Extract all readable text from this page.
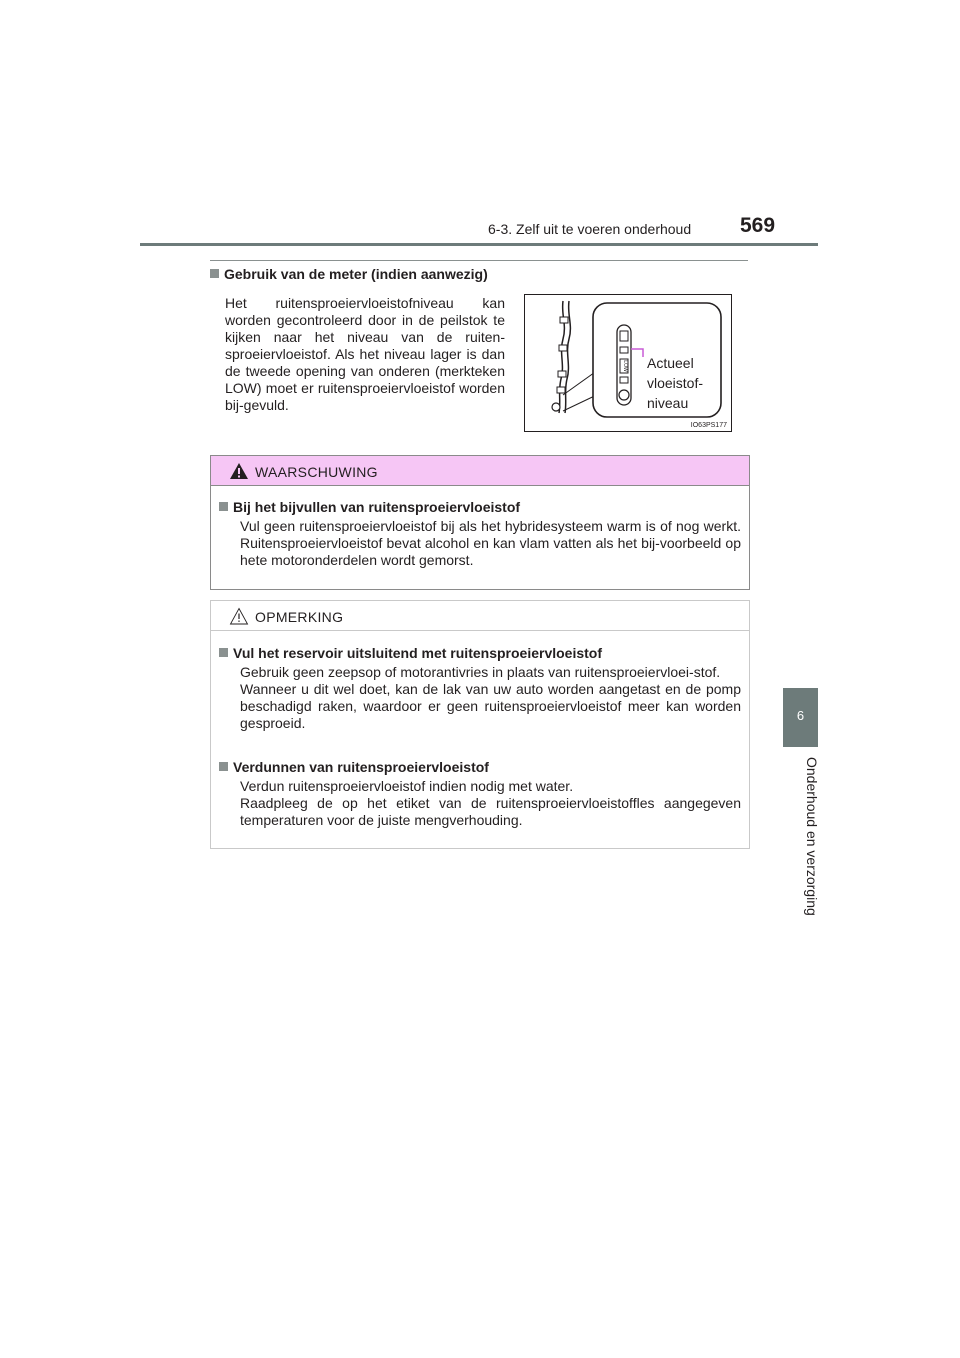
6-3. Zelf uit te voeren onderhoud 569
6
Onderhoud en verzorging
Gebruik van de meter (indien aanwezig)
Het ruitensproeiervloeistofniveau kan worden gecontroleerd door in de peilstok te kijken naar het niveau van de ruiten-sproeiervloeistof. Als het niveau lager is dan de tweede opening van onderen (merkteken LOW) moet er ruitensproeiervloeistof worden bij-gevuld.
LOW Actueel
vloeistof-
niveau
IO63PS177
WAARSCHUWING
Bij het bijvullen van ruitensproeiervloeistof
Vul geen ruitensproeiervloeistof bij als het hybridesysteem warm is of nog werkt. Ruitensproeiervloeistof bevat alcohol en kan vlam vatten als het bij-voorbeeld op hete motoronderdelen wordt gemorst.
OPMERKING
Vul het reservoir uitsluitend met ruitensproeiervloeistof
Gebruik geen zeepsop of motorantivries in plaats van ruitensproeiervloei-stof.
Wanneer u dit wel doet, kan de lak van uw auto worden aangetast en de pomp beschadigd raken, waardoor er geen ruitensproeiervloeistof meer kan worden gesproeid.
Verdunnen van ruitensproeiervloeistof
Verdun ruitensproeiervloeistof indien nodig met water.
Raadpleeg de op het etiket van de ruitensproeiervloeistoffles aangegeven temperaturen voor de juiste mengverhouding.
